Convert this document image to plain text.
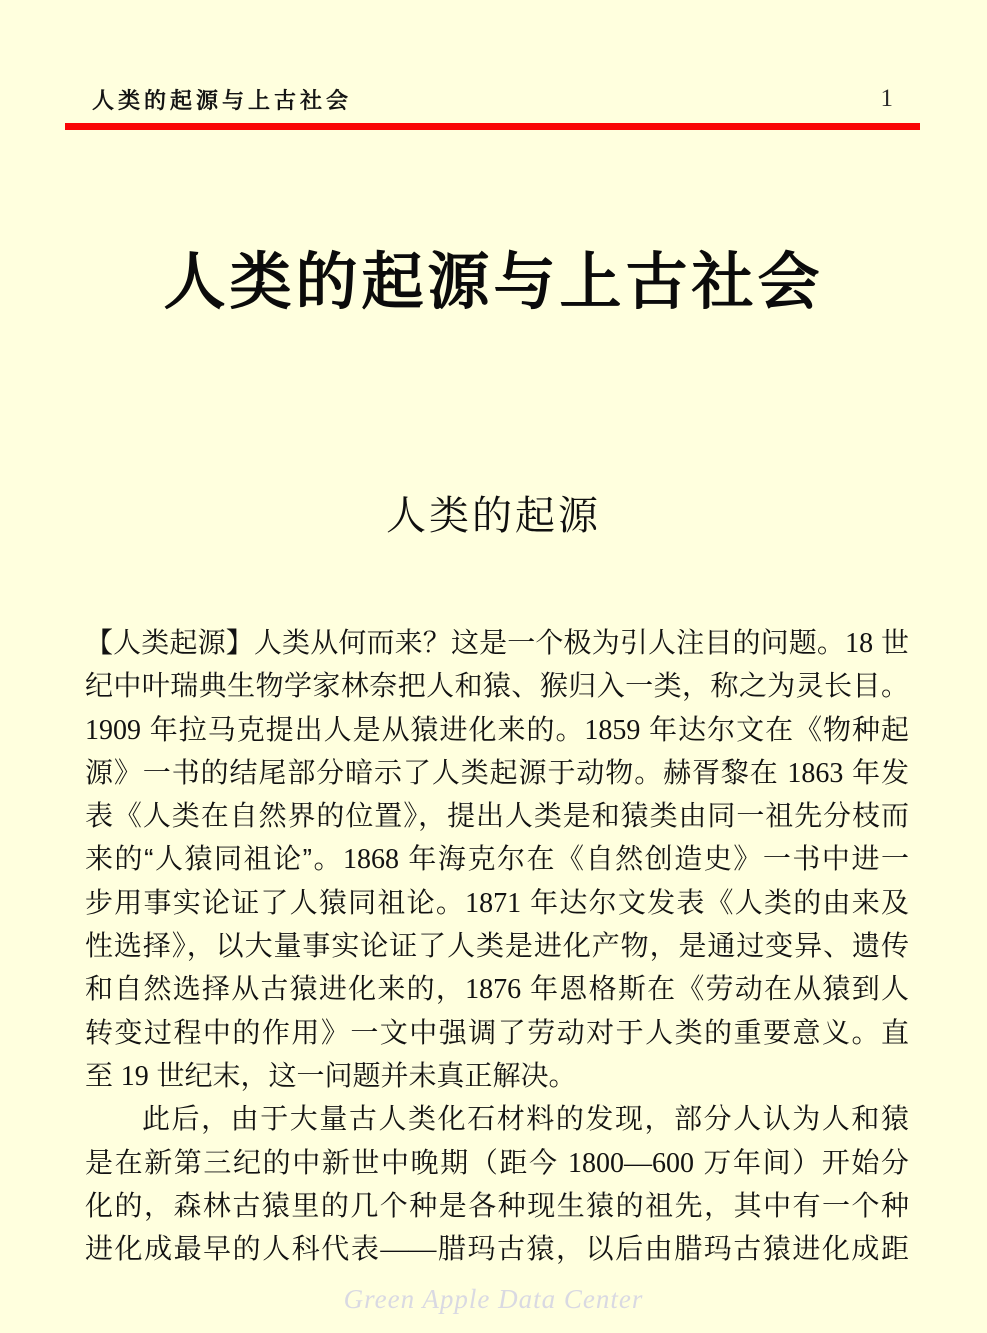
人类的起源与上古社会	1
人类的起源与上古社会
人类的起源
【人类起源】人类从何而来？这是一个极为引人注目的问题。18 世
纪中叶瑞典生物学家林奈把人和猿、猴归入一类，称之为灵长目。
1909 年拉马克提出人是从猿进化来的。1859 年达尔文在《物种起
源》一书的结尾部分暗示了人类起源于动物。赫胥黎在 1863 年发
表《人类在自然界的位置》，提出人类是和猿类由同一祖先分枝而
来的“人猿同祖论”。1868 年海克尔在《自然创造史》一书中进一
步用事实论证了人猿同祖论。1871 年达尔文发表《人类的由来及
性选择》，以大量事实论证了人类是进化产物，是通过变异、遗传
和自然选择从古猿进化来的，1876 年恩格斯在《劳动在从猿到人
转变过程中的作用》一文中强调了劳动对于人类的重要意义。直
至 19 世纪末，这一问题并未真正解决。
此后，由于大量古人类化石材料的发现，部分人认为人和猿
是在新第三纪的中新世中晚期（距今 1800—600 万年间）开始分
化的，森林古猿里的几个种是各种现生猿的祖先，其中有一个种
进化成最早的人科代表——腊玛古猿，以后由腊玛古猿进化成距
Green Apple Data Center
